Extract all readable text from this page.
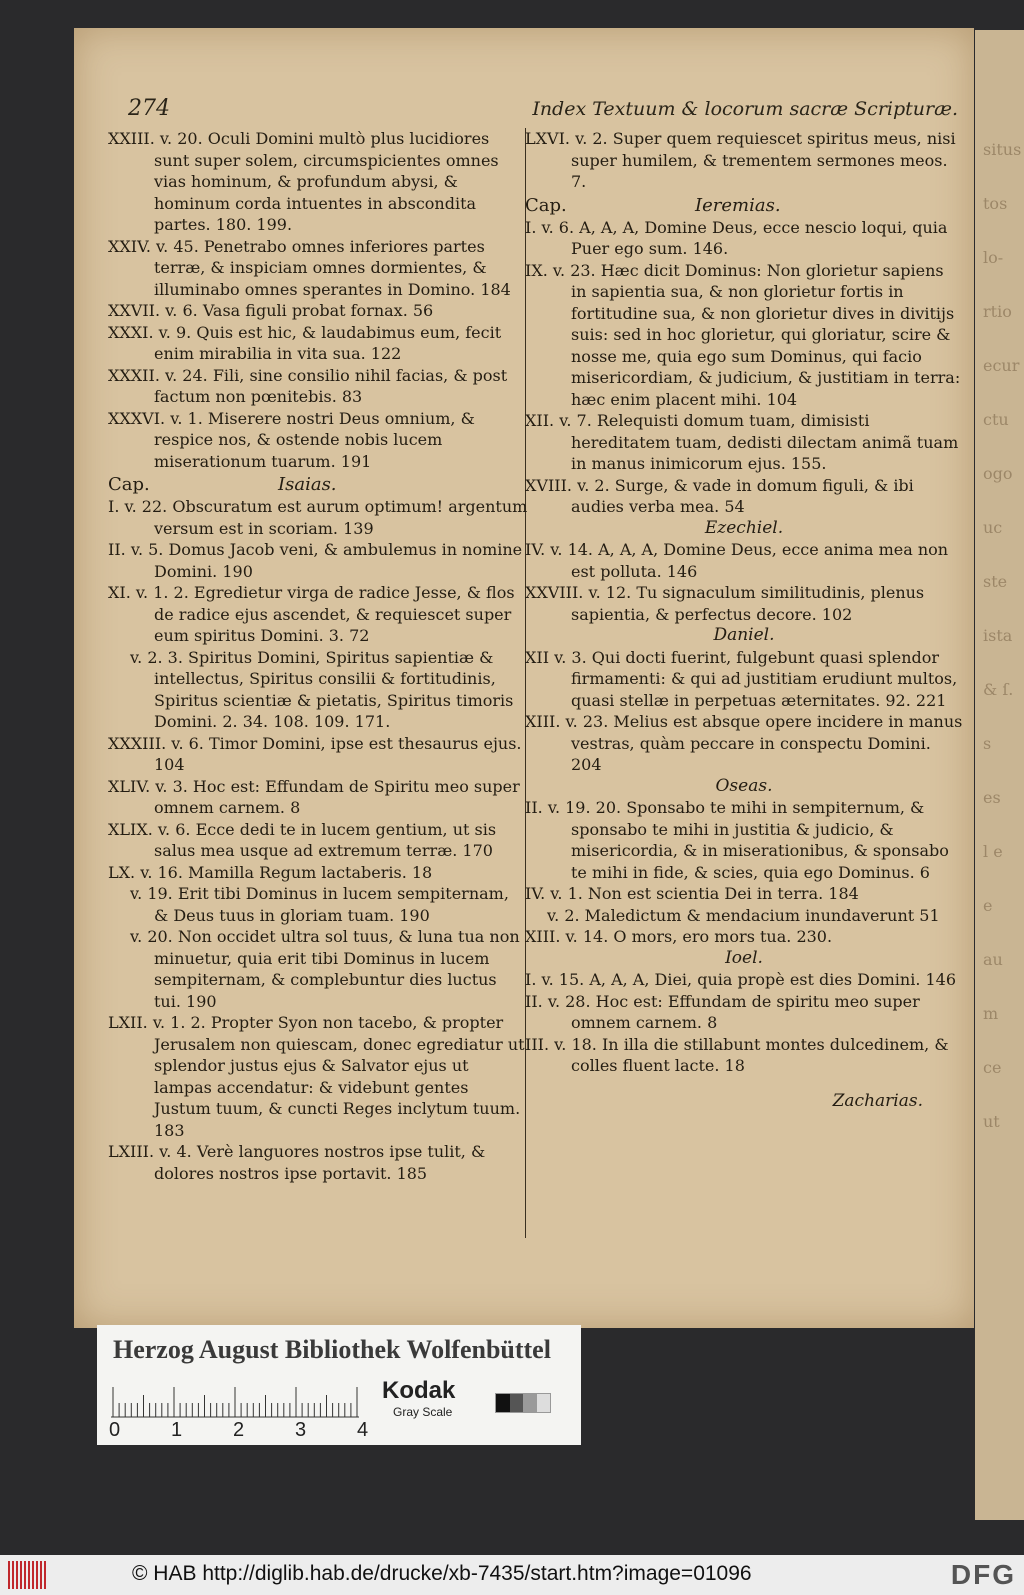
situs
tos
lo-
rtio
ecur
ctu
ogo
uc
ste
ista
& ſ.
s
es
l e
e
au
m
ce
ut
274	Index Textuum & locorum sacræ Scripturæ.

XXIII. v. 20. Oculi Domini multò plus lucidiores sunt super solem, circumspicientes omnes vias hominum, & profundum abysi, & hominum corda intuentes in abscondita partes. 180. 199.

XXIV. v. 45. Penetrabo omnes inferiores partes terræ, & inspiciam omnes dormientes, & illuminabo omnes sperantes in Domino. 184

XXVII. v. 6. Vasa figuli probat fornax. 56

XXXI. v. 9. Quis est hic, & laudabimus eum, fecit enim mirabilia in vita sua. 122

XXXII. v. 24. Fili, sine consilio nihil facias, & post factum non pœnitebis. 83

XXXVI. v. 1. Miserere nostri Deus omnium, & respice nos, & ostende nobis lucem miserationum tuarum. 191

Cap.	Isaias.

I. v. 22. Obscuratum est aurum optimum! argentum versum est in scoriam. 139

II. v. 5. Domus Jacob veni, & ambulemus in nomine Domini. 190

XI. v. 1. 2. Egredietur virga de radice Jesse, & flos de radice ejus ascendet, & requiescet super eum spiritus Domini. 3. 72

v. 2. 3. Spiritus Domini, Spiritus sapientiæ & intellectus, Spiritus consilii & fortitudinis, Spiritus scientiæ & pietatis, Spiritus timoris Domini. 2. 34. 108. 109. 171.

XXXIII. v. 6. Timor Domini, ipse est thesaurus ejus. 104

XLIV. v. 3. Hoc est: Effundam de Spiritu meo super omnem carnem. 8

XLIX. v. 6. Ecce dedi te in lucem gentium, ut sis salus mea usque ad extremum terræ. 170

LX. v. 16. Mamilla Regum lactaberis. 18

v. 19. Erit tibi Dominus in lucem sempiternam, & Deus tuus in gloriam tuam. 190

v. 20. Non occidet ultra sol tuus, & luna tua non minuetur, quia erit tibi Dominus in lucem sempiternam, & complebuntur dies luctus tui. 190

LXII. v. 1. 2. Propter Syon non tacebo, & propter Jerusalem non quiescam, donec egrediatur ut splendor justus ejus & Salvator ejus ut lampas accendatur: & videbunt gentes Justum tuum, & cuncti Reges inclytum tuum. 183

LXIII. v. 4. Verè languores nostros ipse tulit, & dolores nostros ipse portavit. 185

LXVI. v. 2. Super quem requiescet spiritus meus, nisi super humilem, & trementem sermones meos. 7.

Cap.	Ieremias.

I. v. 6. A, A, A, Domine Deus, ecce nescio loqui, quia Puer ego sum. 146.

IX. v. 23. Hæc dicit Dominus: Non glorietur sapiens in sapientia sua, & non glorietur fortis in fortitudine sua, & non glorietur dives in divitijs suis: sed in hoc glorietur, qui gloriatur, scire & nosse me, quia ego sum Dominus, qui facio misericordiam, & judicium, & justitiam in terra: hæc enim placent mihi. 104

XII. v. 7. Relequisti domum tuam, dimisisti hereditatem tuam, dedisti dilectam animã tuam in manus inimicorum ejus. 155.

XVIII. v. 2. Surge, & vade in domum figuli, & ibi audies verba mea. 54

Ezechiel.

IV. v. 14. A, A, A, Domine Deus, ecce anima mea non est polluta. 146

XXVIII. v. 12. Tu signaculum similitudinis, plenus sapientia, & perfectus decore. 102

Daniel.

XII v. 3. Qui docti fuerint, fulgebunt quasi splendor firmamenti: & qui ad justitiam erudiunt multos, quasi stellæ in perpetuas æternitates. 92. 221

XIII. v. 23. Melius est absque opere incidere in manus vestras, quàm peccare in conspectu Domini. 204

Oseas.

II. v. 19. 20. Sponsabo te mihi in sempiternum, & sponsabo te mihi in justitia & judicio, & misericordia, & in miserationibus, & sponsabo te mihi in fide, & scies, quia ego Dominus. 6

IV. v. 1. Non est scientia Dei in terra. 184

v. 2. Maledictum & mendacium inundaverunt 51

XIII. v. 14. O mors, ero mors tua. 230.

Ioel.

I. v. 15. A, A, A, Diei, quia propè est dies Domini. 146

II. v. 28. Hoc est: Effundam de spiritu meo super omnem carnem. 8

III. v. 18. In illa die stillabunt montes dulcedinem, & colles fluent lacte. 18

Zacharias.
Herzog August Bibliothek Wolfenbüttel
0	1	2	3	4
Kodak
Gray Scale
© HAB http://diglib.hab.de/drucke/xb-7435/start.htm?image=01096	DFG
